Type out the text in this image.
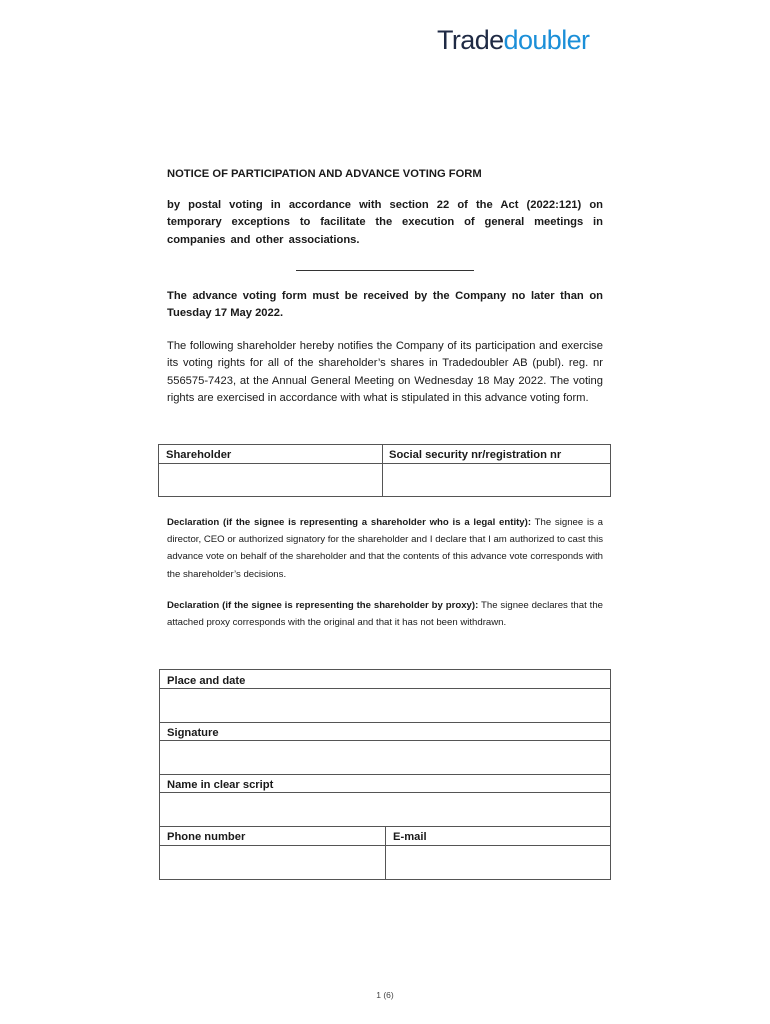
Tradedoubler
NOTICE OF PARTICIPATION AND ADVANCE VOTING FORM
by postal voting in accordance with section 22 of the Act (2022:121) on temporary exceptions to facilitate the execution of general meetings in companies and other associations.
The advance voting form must be received by the Company no later than on Tuesday 17 May 2022.
The following shareholder hereby notifies the Company of its participation and exercise its voting rights for all of the shareholder’s shares in Tradedoubler AB (publ). reg. nr 556575-7423, at the Annual General Meeting on Wednesday 18 May 2022. The voting rights are exercised in accordance with what is stipulated in this advance voting form.
Shareholder	Social security nr/registration nr
Declaration (if the signee is representing a shareholder who is a legal entity): The signee is a director, CEO or authorized signatory for the shareholder and I declare that I am authorized to cast this advance vote on behalf of the shareholder and that the contents of this advance vote corresponds with the shareholder’s decisions.
Declaration (if the signee is representing the shareholder by proxy): The signee declares that the attached proxy corresponds with the original and that it has not been withdrawn.
Place and date
Signature
Name in clear script
Phone number	E-mail
1 (6)
